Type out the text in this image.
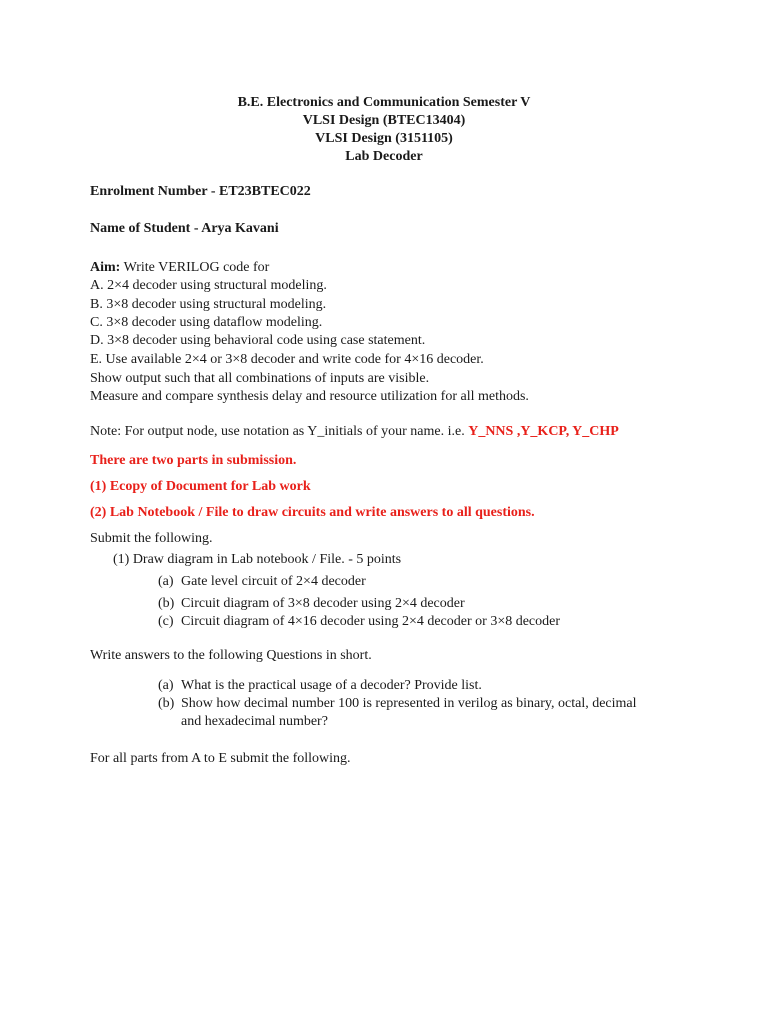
B.E. Electronics and Communication Semester V
VLSI Design (BTEC13404)
VLSI Design (3151105)
Lab Decoder
Enrolment Number - ET23BTEC022
Name of Student - Arya Kavani
Aim: Write VERILOG code for
A. 2×4 decoder using structural modeling.
B. 3×8 decoder using structural modeling.
C. 3×8 decoder using dataflow modeling.
D. 3×8 decoder using behavioral code using case statement.
E. Use available 2×4 or 3×8 decoder and write code for 4×16 decoder.
Show output such that all combinations of inputs are visible.
Measure and compare synthesis delay and resource utilization for all methods.
Note: For output node, use notation as Y_initials of your name. i.e. Y_NNS ,Y_KCP, Y_CHP
There are two parts in submission.
(1) Ecopy of Document for Lab work
(2) Lab Notebook / File to draw circuits and write answers to all questions.
Submit the following.
(1) Draw diagram in Lab notebook / File. - 5 points
(a) Gate level circuit of 2×4 decoder
(b) Circuit diagram of 3×8 decoder using 2×4 decoder
(c) Circuit diagram of 4×16 decoder using 2×4 decoder or 3×8 decoder
Write answers to the following Questions in short.
(a) What is the practical usage of a decoder? Provide list.
(b) Show how decimal number 100 is represented in verilog as binary, octal, decimal
and hexadecimal number?
For all parts from A to E submit the following.
